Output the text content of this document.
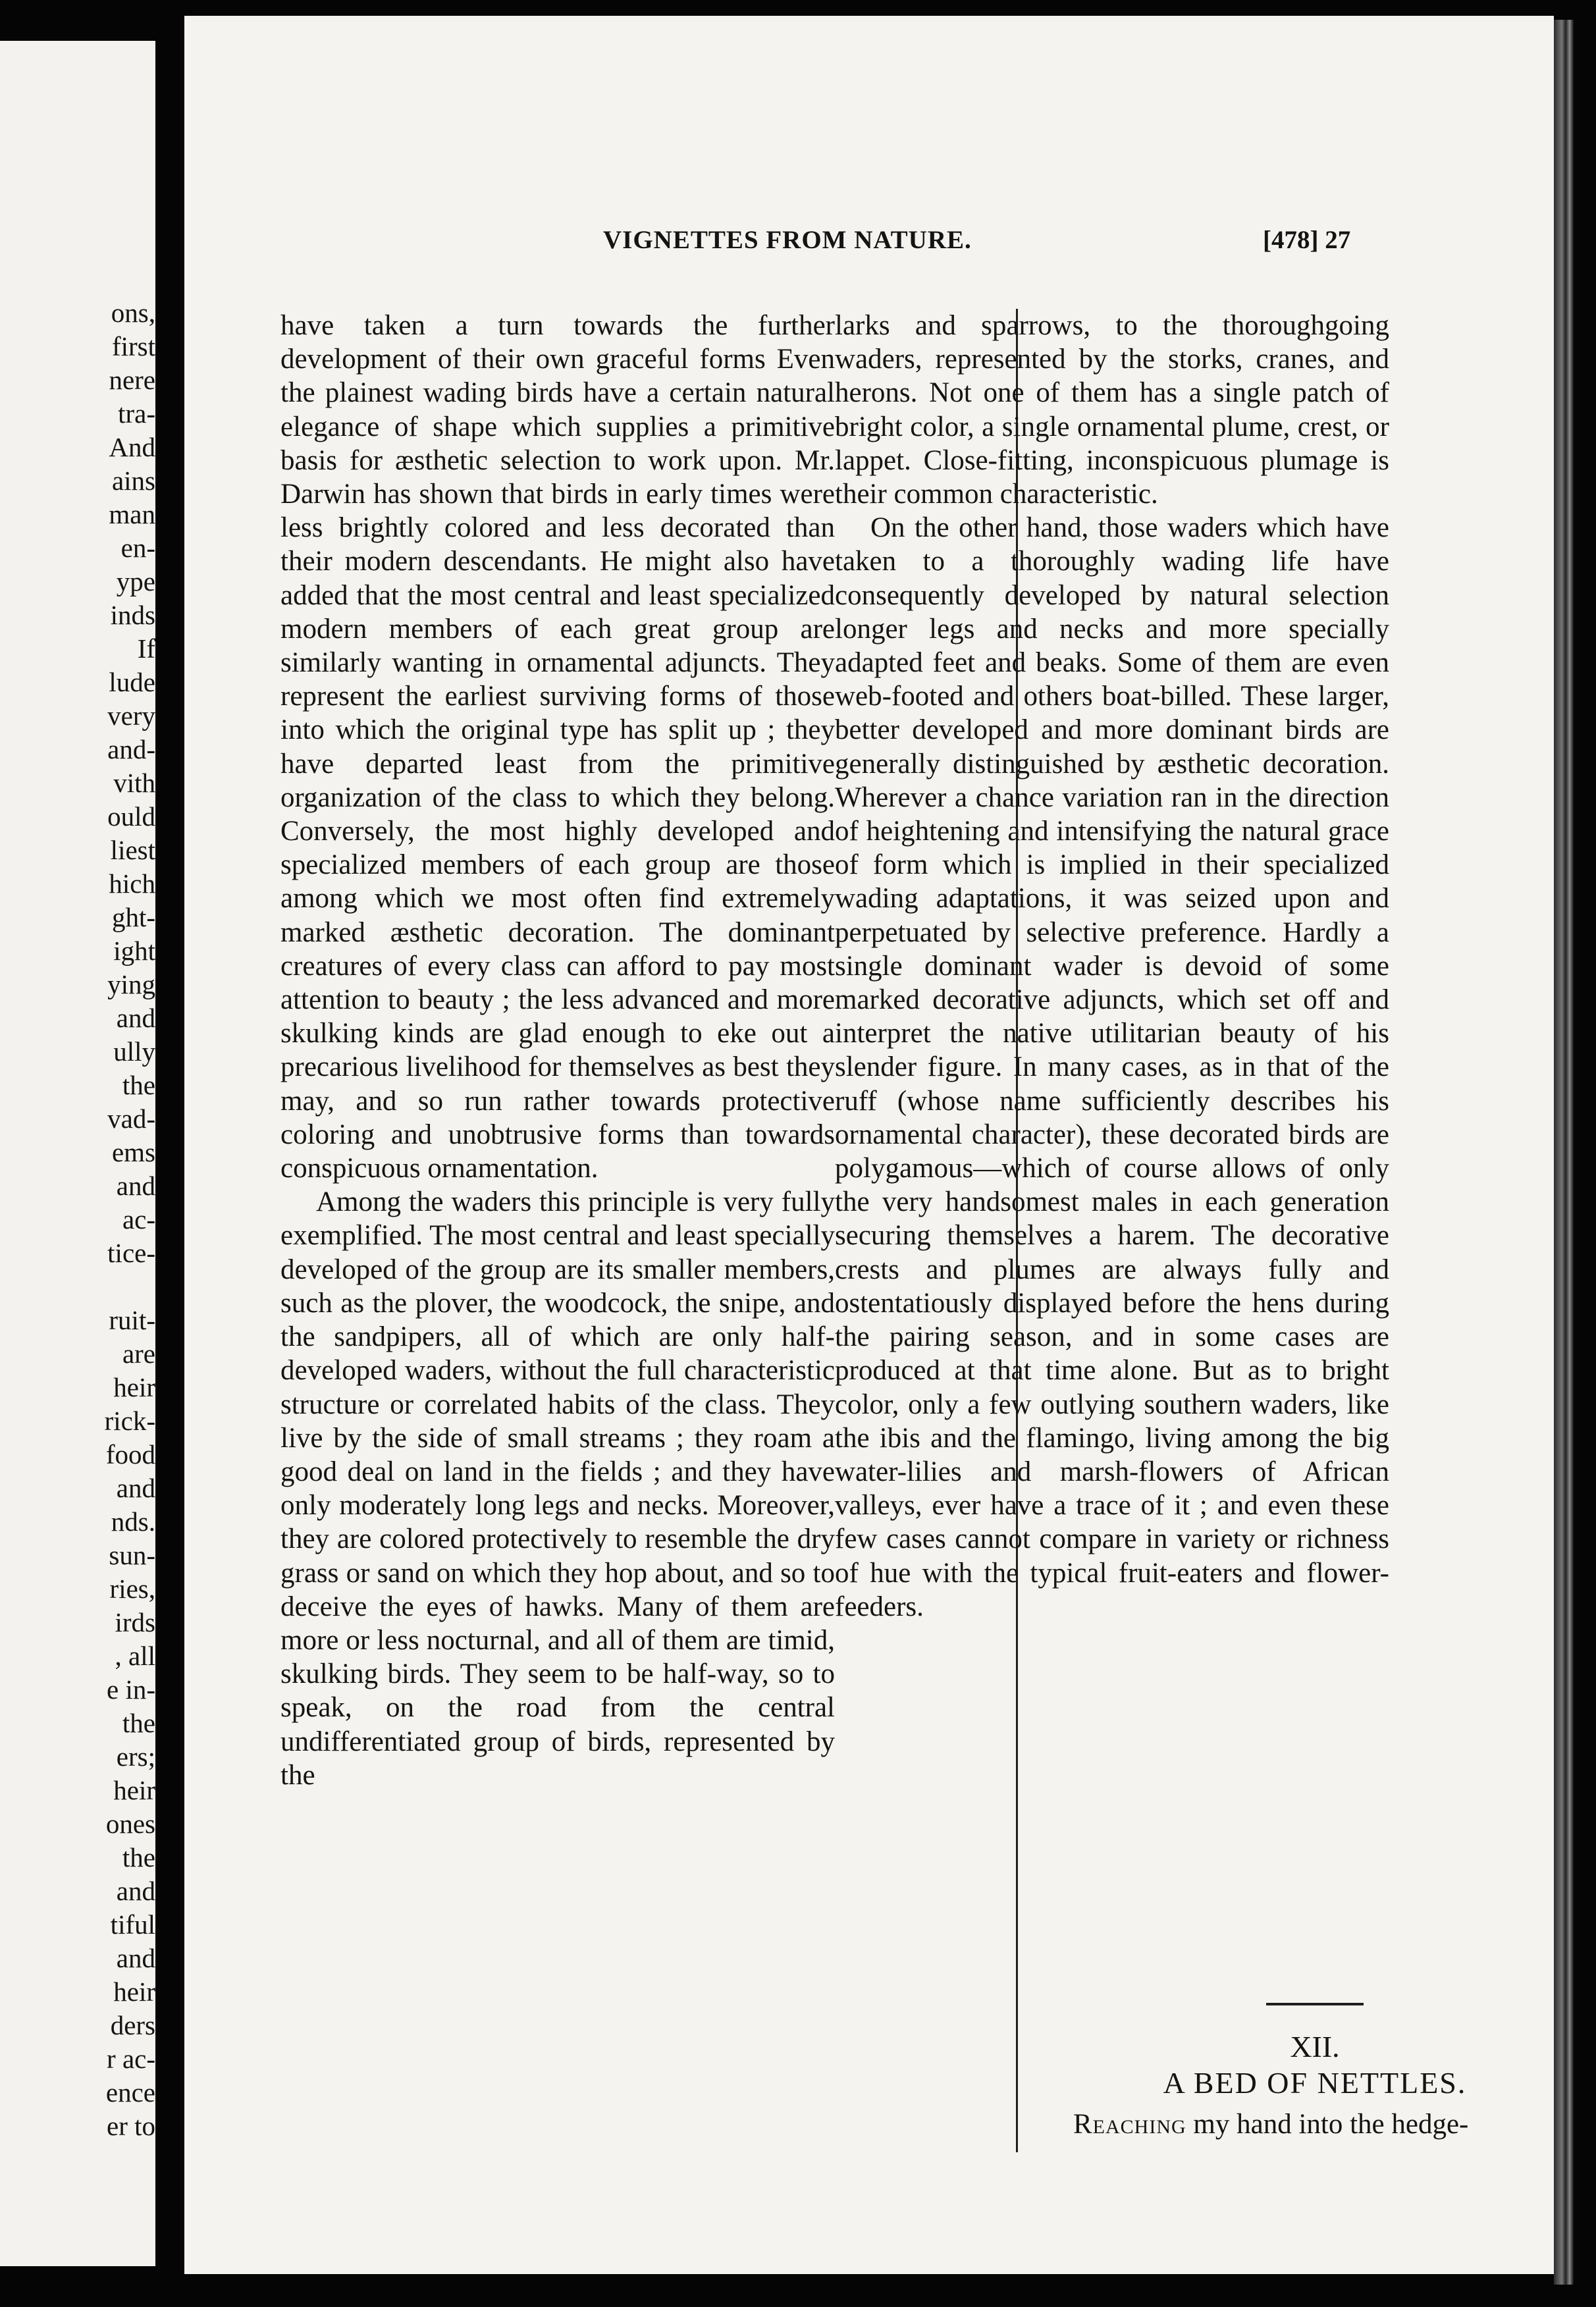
ons,
first
nere
tra-
And
ains
man
en-
ype
inds
If
lude
very
and-
vith
ould
liest
hich
ght-
ight
ying
and
ully
the
vad-
ems
and
ac-
tice-
ruit-
are
heir
rick-
food
and
nds.
sun-
ries,
irds
, all
e in-
the
ers;
heir
ones
the
and
tiful
and
heir
ders
r ac-
ence
er to
VIGNETTES FROM NATURE.	[478] 27

have taken a turn towards the further development of their own graceful forms Even the plainest wading birds have a certain natural elegance of shape which supplies a primitive basis for æsthetic selection to work upon. Mr. Darwin has shown that birds in early times were less brightly colored and less decorated than their modern descendants. He might also have added that the most central and least specialized modern members of each great group are similarly wanting in ornamental adjuncts. They represent the earliest surviving forms of those into which the original type has split up ; they have departed least from the primitive organization of the class to which they belong. Conversely, the most highly developed and specialized members of each group are those among which we most often find extremely marked æsthetic decoration. The dominant creatures of every class can afford to pay most attention to beauty ; the less advanced and more skulking kinds are glad enough to eke out a precarious livelihood for themselves as best they may, and so run rather towards protective coloring and unobtrusive forms than towards conspicuous ornamentation.

Among the waders this principle is very fully exemplified. The most central and least specially developed of the group are its smaller members, such as the plover, the woodcock, the snipe, and the sandpipers, all of which are only half-developed waders, without the full characteristic structure or correlated habits of the class. They live by the side of small streams ; they roam a good deal on land in the fields ; and they have only moderately long legs and necks. Moreover, they are colored protectively to resemble the dry grass or sand on which they hop about, and so to deceive the eyes of hawks. Many of them are more or less nocturnal, and all of them are timid, skulking birds. They seem to be half-way, so to speak, on the road from the central undifferentiated group of birds, represented by the

larks and sparrows, to the thoroughgoing waders, represented by the storks, cranes, and herons. Not one of them has a single patch of bright color, a single ornamental plume, crest, or lappet. Close-fitting, inconspicuous plumage is their common characteristic.

On the other hand, those waders which have taken to a thoroughly wading life have consequently developed by natural selection longer legs and necks and more specially adapted feet and beaks. Some of them are even web-footed and others boat-billed. These larger, better developed and more dominant birds are generally distinguished by æsthetic decoration. Wherever a chance variation ran in the direction of heightening and intensifying the natural grace of form which is implied in their specialized wading adaptations, it was seized upon and perpetuated by selective preference. Hardly a single dominant wader is devoid of some marked decorative adjuncts, which set off and interpret the native utilitarian beauty of his slender figure. In many cases, as in that of the ruff (whose name sufficiently describes his ornamental character), these decorated birds are polygamous—which of course allows of only the very handsomest males in each generation securing themselves a harem. The decorative crests and plumes are always fully and ostentatiously displayed before the hens during the pairing season, and in some cases are produced at that time alone. But as to bright color, only a few outlying southern waders, like the ibis and the flamingo, living among the big water-lilies and marsh-flowers of African valleys, ever have a trace of it ; and even these few cases cannot compare in variety or richness of hue with the typical fruit-eaters and flower-feeders.

XII.
A BED OF NETTLES.
Reaching my hand into the hedge-
